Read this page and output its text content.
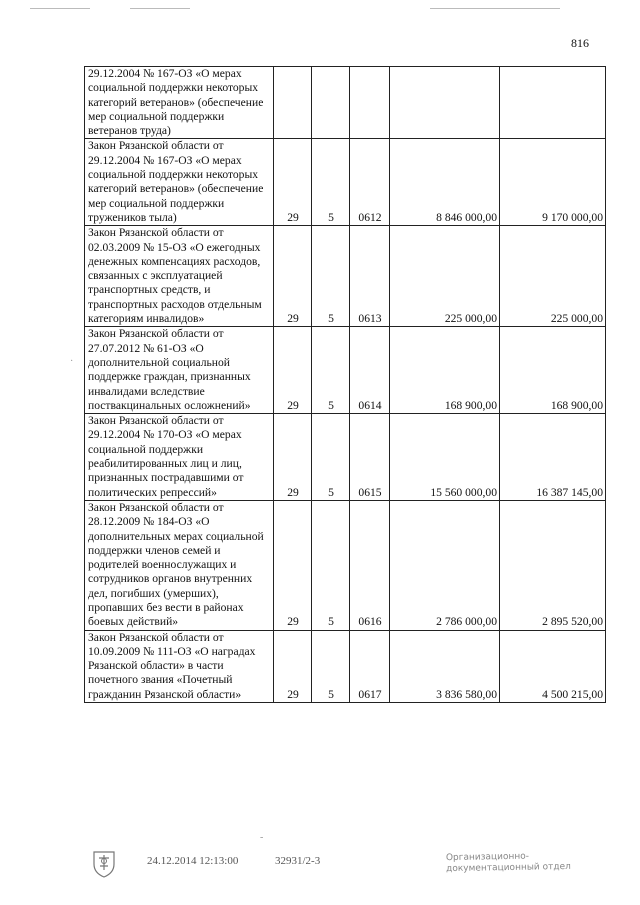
816
29.12.2004 № 167-ОЗ «О мерах социальной поддержки некоторых категорий ветеранов» (обеспечение мер социальной поддержки ветеранов труда)					
Закон Рязанской области от 29.12.2004 № 167-ОЗ «О мерах социальной поддержки некоторых категорий ветеранов» (обеспечение мер социальной поддержки тружеников тыла)	29	5	0612	8 846 000,00	9 170 000,00
Закон Рязанской области от 02.03.2009 № 15-ОЗ «О ежегодных денежных компенсациях расходов, связанных с эксплуатацией транспортных средств, и транспортных расходов отдельным категориям инвалидов»	29	5	0613	225 000,00	225 000,00
Закон Рязанской области от 27.07.2012 № 61-ОЗ «О дополнительной социальной поддержке граждан, признанных инвалидами вследствие поствакцинальных осложнений»	29	5	0614	168 900,00	168 900,00
Закон Рязанской области от 29.12.2004 № 170-ОЗ «О мерах социальной поддержки реабилитированных лиц и лиц, признанных пострадавшими от политических репрессий»	29	5	0615	15 560 000,00	16 387 145,00
Закон Рязанской области от 28.12.2009 № 184-ОЗ «О дополнительных мерах социальной поддержки членов семей и родителей военнослужащих и сотрудников органов внутренних дел, погибших (умерших), пропавших без вести в районах боевых действий»	29	5	0616	2 786 000,00	2 895 520,00
Закон Рязанской области от 10.09.2009 № 111-ОЗ «О наградах Рязанской области» в части почетного звания «Почетный гражданин Рязанской области»	29	5	0617	3 836 580,00	4 500 215,00
·
-
24.12.2014 12:13:00	32931/2-3	Организационно-
документационный отдел
